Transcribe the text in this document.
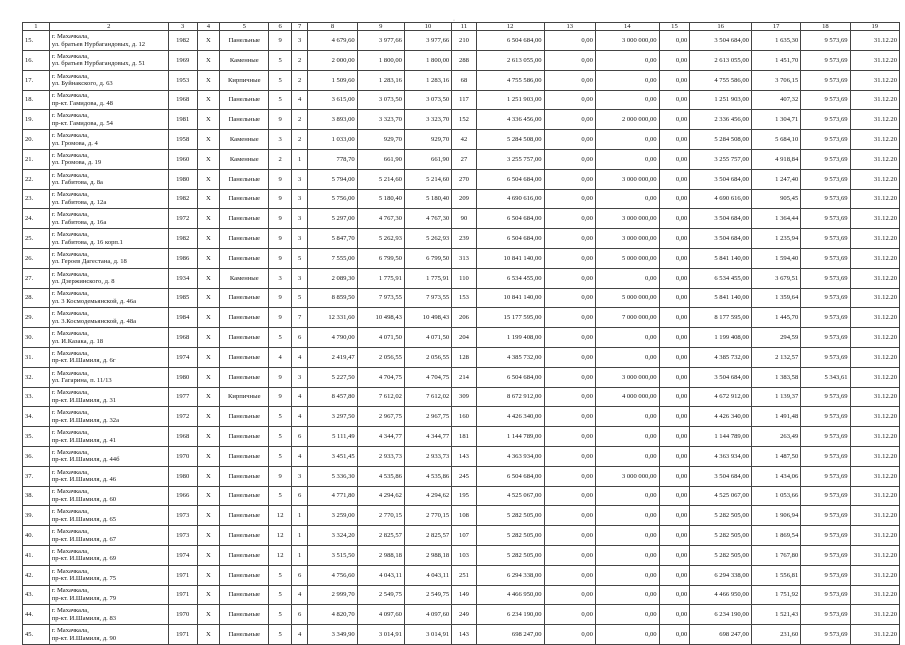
·
1	2	3	4	5	6	7	8	9	10	11	12	13	14	15	16	17	18	19
15.	г. Махачкала,
ул. братьев Нурбагандовых, д. 12	1982	Х	Панельные	9	3	4 679,60	3 977,66	3 977,66	210	6 504 684,00	0,00	3 000 000,00	0,00	3 504 684,00	1 635,30	9 573,69	31.12.20
16.	г. Махачкала,
ул. братьев Нурбагандовых, д. 51	1969	Х	Каменные	5	2	2 000,00	1 800,00	1 800,00	288	2 613 055,00	0,00	0,00	0,00	2 613 055,00	1 451,70	9 573,69	31.12.20
17.	г. Махачкала,
ул. Буйнакского, д. 63	1953	Х	Кирпичные	5	2	1 509,60	1 283,16	1 283,16	68	4 755 586,00	0,00	0,00	0,00	4 755 586,00	3 706,15	9 573,69	31.12.20
18.	г. Махачкала,
пр-кт. Гамидова, д. 48	1968	Х	Панельные	5	4	3 615,00	3 073,50	3 073,50	117	1 251 903,00	0,00	0,00	0,00	1 251 903,00	407,32	9 573,69	31.12.20
19.	г. Махачкала,
пр-кт. Гамидова, д. 54	1981	Х	Панельные	9	2	3 893,00	3 323,70	3 323,70	152	4 336 456,00	0,00	2 000 000,00	0,00	2 336 456,00	1 304,71	9 573,69	31.12.20
20.	г. Махачкала,
ул. Громова, д. 4	1958	Х	Каменные	3	2	1 033,00	929,70	929,70	42	5 284 508,00	0,00	0,00	0,00	5 284 508,00	5 684,10	9 573,69	31.12.20
21.	г. Махачкала,
ул. Громова, д. 19	1960	Х	Каменные	2	1	778,70	661,90	661,90	27	3 255 757,00	0,00	0,00	0,00	3 255 757,00	4 918,84	9 573,69	31.12.20
22.	г. Махачкала,
ул. Габитова, д. 8а	1980	Х	Панельные	9	3	5 794,00	5 214,60	5 214,60	270	6 504 684,00	0,00	3 000 000,00	0,00	3 504 684,00	1 247,40	9 573,69	31.12.20
23.	г. Махачкала,
ул. Габитова, д. 12а	1982	Х	Панельные	9	3	5 756,00	5 180,40	5 180,40	209	4 690 616,00	0,00	0,00	0,00	4 690 616,00	905,45	9 573,69	31.12.20
24.	г. Махачкала,
ул. Габитова, д. 16а	1972	Х	Панельные	9	3	5 297,00	4 767,30	4 767,30	90	6 504 684,00	0,00	3 000 000,00	0,00	3 504 684,00	1 364,44	9 573,69	31.12.20
25.	г. Махачкала,
ул. Габитова, д. 16 корп.1	1982	Х	Панельные	9	3	5 847,70	5 262,93	5 262,93	239	6 504 684,00	0,00	3 000 000,00	0,00	3 504 684,00	1 235,94	9 573,69	31.12.20
26.	г. Махачкала,
ул. Героев Дагестана, д. 18	1986	Х	Панельные	9	5	7 555,00	6 799,50	6 799,50	313	10 841 140,00	0,00	5 000 000,00	0,00	5 841 140,00	1 594,40	9 573,69	31.12.20
27.	г. Махачкала,
ул. Дзержинского, д. 8	1934	Х	Каменные	3	3	2 089,30	1 775,91	1 775,91	110	6 534 455,00	0,00	0,00	0,00	6 534 455,00	3 679,51	9 573,69	31.12.20
28.	г. Махачкала,
ул. 3 Космодемьянской, д. 46а	1985	Х	Панельные	9	5	8 859,50	7 973,55	7 973,55	153	10 841 140,00	0,00	5 000 000,00	0,00	5 841 140,00	1 359,64	9 573,69	31.12.20
29.	г. Махачкала,
ул. 3.Космодемьянской, д. 48а	1984	Х	Панельные	9	7	12 331,60	10 498,43	10 498,43	206	15 177 595,00	0,00	7 000 000,00	0,00	8 177 595,00	1 445,70	9 573,69	31.12.20
30.	г. Махачкала,
ул. И.Казака, д. 18	1968	Х	Панельные	5	6	4 790,00	4 071,50	4 071,50	204	1 199 408,00	0,00	0,00	0,00	1 199 408,00	294,59	9 573,69	31.12.20
31.	г. Махачкала,
пр-кт. И.Шамиля, д. 6г	1974	Х	Панельные	4	4	2 419,47	2 056,55	2 056,55	128	4 385 732,00	0,00	0,00	0,00	4 385 732,00	2 132,57	9 573,69	31.12.20
32.	г. Махачкала,
ул. Гагарина, п. 11/13	1980	Х	Панельные	9	3	5 227,50	4 704,75	4 704,75	214	6 504 684,00	0,00	3 000 000,00	0,00	3 504 684,00	1 383,58	5 343,61	31.12.20
33.	г. Махачкала,
пр-кт. И.Шамиля, д. 31	1977	Х	Кирпичные	9	4	8 457,80	7 612,02	7 612,02	309	8 672 912,00	0,00	4 000 000,00	0,00	4 672 912,00	1 139,37	9 573,69	31.12.20
34.	г. Махачкала,
пр-кт. И.Шамиля, д. 32а	1972	Х	Панельные	5	4	3 297,50	2 967,75	2 967,75	160	4 426 340,00	0,00	0,00	0,00	4 426 340,00	1 491,48	9 573,69	31.12.20
35.	г. Махачкала,
пр-кт. И.Шамиля, д. 41	1968	Х	Панельные	5	6	5 111,49	4 344,77	4 344,77	181	1 144 789,00	0,00	0,00	0,00	1 144 789,00	263,49	9 573,69	31.12.20
36.	г. Махачкала,
пр-кт. И.Шамиля, д. 44б	1970	Х	Панельные	5	4	3 451,45	2 933,73	2 933,73	143	4 363 934,00	0,00	0,00	0,00	4 363 934,00	1 487,50	9 573,69	31.12.20
37.	г. Махачкала,
пр-кт. И.Шамиля, д. 46	1980	Х	Панельные	9	3	5 336,30	4 535,86	4 535,86	245	6 504 684,00	0,00	3 000 000,00	0,00	3 504 684,00	1 434,06	9 573,69	31.12.20
38.	г. Махачкала,
пр-кт. И.Шамиля, д. 60	1966	Х	Панельные	5	6	4 771,80	4 294,62	4 294,62	195	4 525 067,00	0,00	0,00	0,00	4 525 067,00	1 053,66	9 573,69	31.12.20
39.	г. Махачкала,
пр-кт. И.Шамиля, д. 65	1973	Х	Панельные	12	1	3 259,00	2 770,15	2 770,15	108	5 282 505,00	0,00	0,00	0,00	5 282 505,00	1 906,94	9 573,69	31.12.20
40.	г. Махачкала,
пр-кт. И.Шамиля, д. 67	1973	Х	Панельные	12	1	3 324,20	2 825,57	2 825,57	107	5 282 505,00	0,00	0,00	0,00	5 282 505,00	1 869,54	9 573,69	31.12.20
41.	г. Махачкала,
пр-кт. И.Шамиля, д. 69	1974	Х	Панельные	12	1	3 515,50	2 988,18	2 988,18	103	5 282 505,00	0,00	0,00	0,00	5 282 505,00	1 767,80	9 573,69	31.12.20
42.	г. Махачкала,
пр-кт. И.Шамиля, д. 75	1971	Х	Панельные	5	6	4 756,60	4 043,11	4 043,11	251	6 294 338,00	0,00	0,00	0,00	6 294 338,00	1 556,81	9 573,69	31.12.20
43.	г. Махачкала,
пр-кт. И.Шамиля, д. 79	1971	Х	Панельные	5	4	2 999,70	2 549,75	2 549,75	149	4 466 950,00	0,00	0,00	0,00	4 466 950,00	1 751,92	9 573,69	31.12.20
44.	г. Махачкала,
пр-кт. И.Шамиля, д. 83	1970	Х	Панельные	5	6	4 820,70	4 097,60	4 097,60	249	6 234 190,00	0,00	0,00	0,00	6 234 190,00	1 521,43	9 573,69	31.12.20
45.	г. Махачкала,
пр-кт. И.Шамиля, д. 90	1971	Х	Панельные	5	4	3 349,90	3 014,91	3 014,91	143	698 247,00	0,00	0,00	0,00	698 247,00	231,60	9 573,69	31.12.20
